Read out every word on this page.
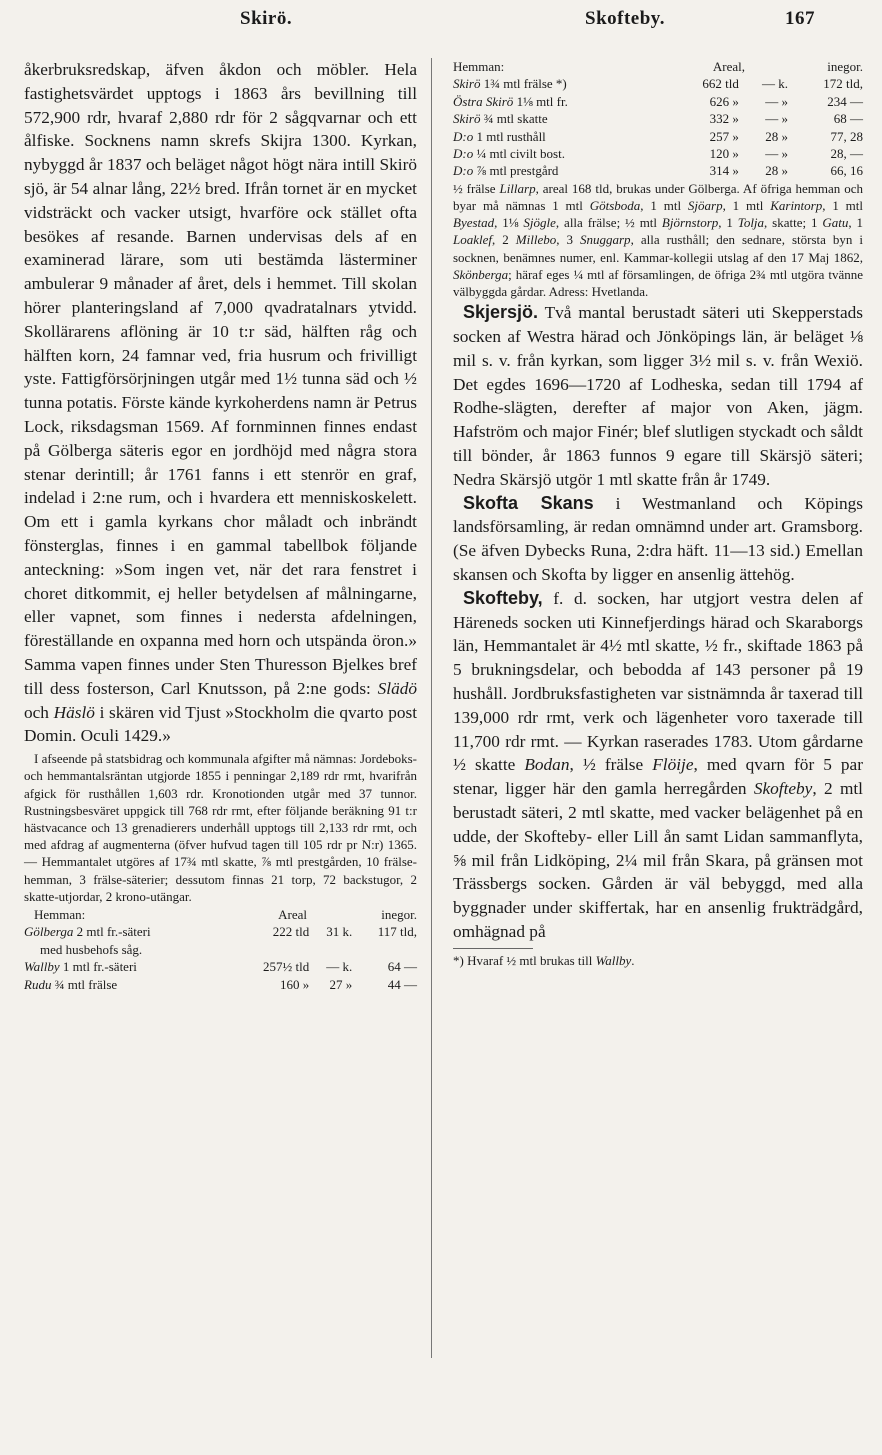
Skirö.	Skofteby.	167

åkerbruksredskap, äfven åkdon och möbler. Hela fastighetsvärdet upptogs i 1863 års bevillning till 572,900 rdr, hvaraf 2,880 rdr för 2 sågqvarnar och ett ålfiske. Socknens namn skrefs Skijra 1300. Kyrkan, nybyggd år 1837 och beläget något högt nära intill Skirö sjö, är 54 alnar lång, 22½ bred. Ifrån tornet är en mycket vidsträckt och vacker utsigt, hvarföre ock stället ofta besökes af resande. Barnen undervisas dels af en examinerad lärare, som uti bestämda lästerminer ambulerar 9 månader af året, dels i hemmet. Till skolan hörer planteringsland af 7,000 qvadratalnars ytvidd. Skollärarens aflöning är 10 t:r säd, hälften råg och hälften korn, 24 famnar ved, fria husrum och frivilligt yste. Fattigförsörjningen utgår med 1½ tunna säd och ½ tunna potatis. Förste kände kyrkoherdens namn är Petrus Lock, riksdagsman 1569. Af fornminnen finnes endast på Gölberga säteris egor en jordhöjd med några stora stenar derintill; år 1761 fanns i ett stenrör en graf, indelad i 2:ne rum, och i hvardera ett menniskoskelett. Om ett i gamla kyrkans chor måladt och inbrändt fönsterglas, finnes i en gammal tabellbok följande anteckning: »Som ingen vet, när det rara fenstret i choret ditkommit, ej heller betydelsen af målningarne, eller vapnet, som finnes i nedersta afdelningen, föreställande en oxpanna med horn och utspända öron.» Samma vapen finnes under Sten Thuresson Bjelkes bref till dess fosterson, Carl Knutsson, på 2:ne gods: Slädö och Häslö i skären vid Tjust »Stockholm die qvarto post Domin. Oculi 1429.»

I afseende på statsbidrag och kommunala afgifter må nämnas: Jordeboks- och hemmantalsräntan utgjorde 1855 i penningar 2,189 rdr rmt, hvarifrån afgick för rusthållen 1,603 rdr. Kronotionden utgår med 37 tunnor. Rustningsbesväret uppgick till 768 rdr rmt, efter följande beräkning 91 t:r hästvacance och 13 grenadierers underhåll upptogs till 2,133 rdr rmt, och med afdrag af augmenterna (öfver hufvud tagen till 105 rdr pr N:r) 1365. — Hemmantalet utgöres af 17¾ mtl skatte, ⅞ mtl prestgården, 10 frälse-hemman, 3 frälse-säterier; dessutom finnas 21 torp, 72 backstugor, 2 skatte-utjordar, 2 krono-utängar.

Hemman:	Areal		inegor.
Gölberga 2 mtl fr.-säteri	222 tld	31 k.	117 tld,
med husbehofs såg.			
Wallby 1 mtl fr.-säteri	257½ tld	— k.	64 —
Rudu ¾ mtl frälse	160 »	27 »	44 —
Hemman:	Areal,		inegor.
Skirö 1¾ mtl frälse *)	662 tld	— k.	172 tld,
Östra Skirö 1⅛ mtl fr.	626 »	— »	234 —
Skirö ¾ mtl skatte	332 »	— »	68 —
D:o 1 mtl rusthåll	257 »	28 »	77, 28
D:o ¼ mtl civilt bost.	120 »	— »	28, —
D:o ⅞ mtl prestgård	314 »	28 »	66, 16

½ frälse Lillarp, areal 168 tld, brukas under Gölberga. Af öfriga hemman och byar må nämnas 1 mtl Götsboda, 1 mtl Sjöarp, 1 mtl Karintorp, 1 mtl Byestad, 1⅛ Sjögle, alla frälse; ½ mtl Björnstorp, 1 Tolja, skatte; 1 Gatu, 1 Loaklef, 2 Millebo, 3 Snuggarp, alla rusthåll; den sednare, största byn i socknen, benämnes numer, enl. Kammar-kollegii utslag af den 17 Maj 1862, Skönberga; häraf eges ¼ mtl af församlingen, de öfriga 2¾ mtl utgöra tvänne välbyggda gårdar. Adress: Hvetlanda.

Skjersjö. Två mantal berustadt säteri uti Skepperstads socken af Westra härad och Jönköpings län, är beläget ⅛ mil s. v. från kyrkan, som ligger 3½ mil s. v. från Wexiö. Det egdes 1696—1720 af Lodheska, sedan till 1794 af Rodhe-slägten, derefter af major von Aken, jägm. Hafström och major Finér; blef slutligen styckadt och såldt till bönder, år 1863 funnos 9 egare till Skärsjö säteri; Nedra Skärsjö utgör 1 mtl skatte från år 1749.

Skofta Skans i Westmanland och Köpings landsförsamling, är redan omnämnd under art. Gramsborg. (Se äfven Dybecks Runa, 2:dra häft. 11—13 sid.) Emellan skansen och Skofta by ligger en ansenlig ättehög.

Skofteby, f. d. socken, har utgjort vestra delen af Häreneds socken uti Kinnefjerdings härad och Skaraborgs län, Hemmantalet är 4½ mtl skatte, ½ fr., skiftade 1863 på 5 brukningsdelar, och bebodda af 143 personer på 19 hushåll. Jordbruksfastigheten var sistnämnda år taxerad till 139,000 rdr rmt, verk och lägenheter voro taxerade till 11,700 rdr rmt. — Kyrkan raserades 1783. Utom gårdarne ½ skatte Bodan, ½ frälse Flöije, med qvarn för 5 par stenar, ligger här den gamla herregården Skofteby, 2 mtl berustadt säteri, 2 mtl skatte, med vacker belägenhet på en udde, der Skofteby- eller Lill ån samt Lidan sammanflyta, ⅝ mil från Lidköping, 2¼ mil från Skara, på gränsen mot Trässbergs socken. Gården är väl bebyggd, med alla byggnader under skiffertak, har en ansenlig frukträdgård, omhägnad på

*) Hvaraf ½ mtl brukas till Wallby.
